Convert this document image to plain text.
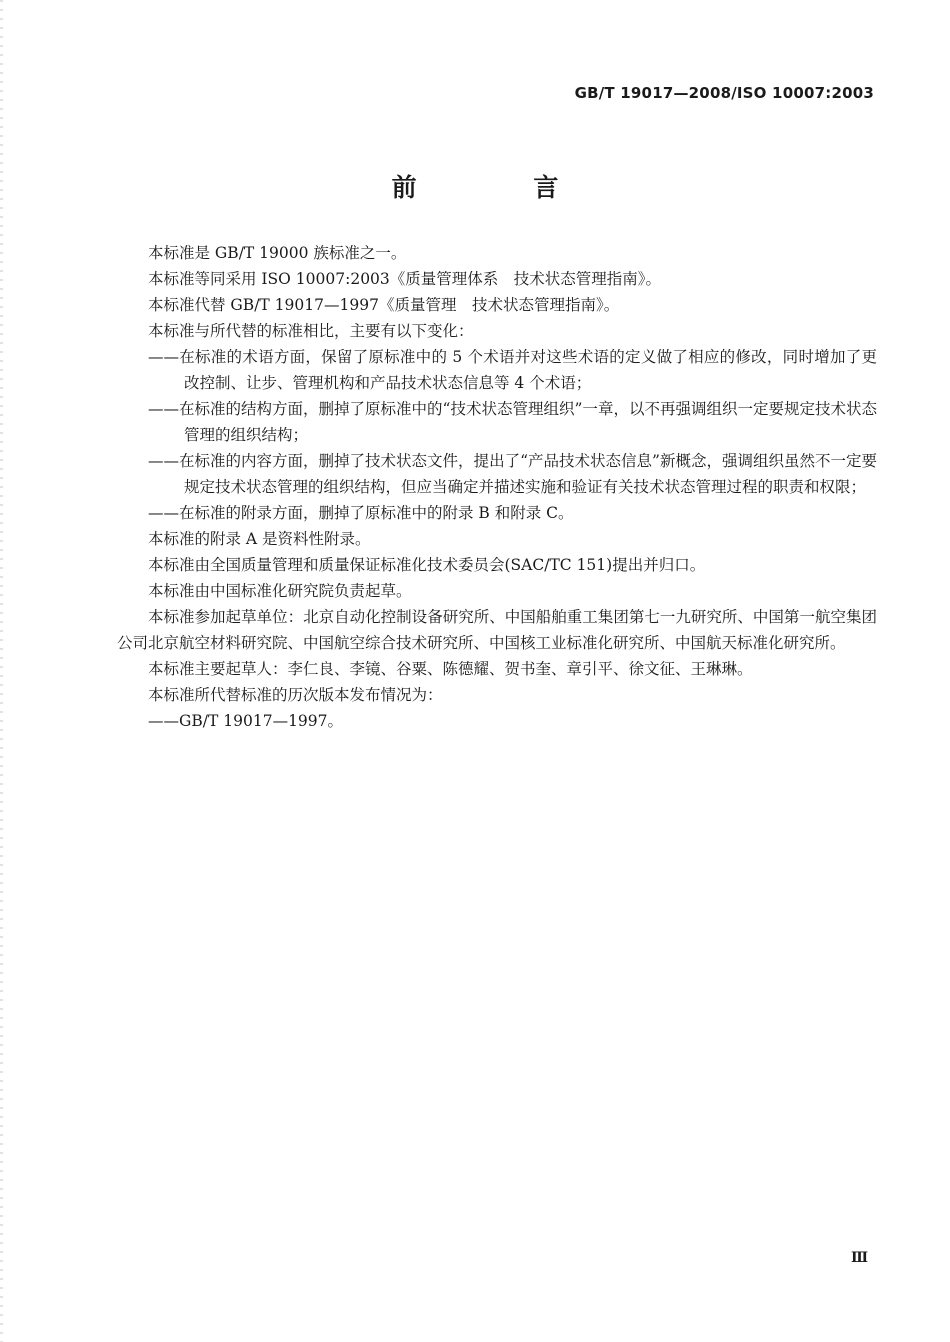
GB/T 19017—2008/ISO 10007:2003
前 言

本标准是 GB/T 19000 族标准之一。

本标准等同采用 ISO 10007:2003《质量管理体系　技术状态管理指南》。

本标准代替 GB/T 19017—1997《质量管理　技术状态管理指南》。

本标准与所代替的标准相比，主要有以下变化：

——在标准的术语方面，保留了原标准中的 5 个术语并对这些术语的定义做了相应的修改，同时增加了更改控制、让步、管理机构和产品技术状态信息等 4 个术语；

——在标准的结构方面，删掉了原标准中的“技术状态管理组织”一章，以不再强调组织一定要规定技术状态管理的组织结构；

——在标准的内容方面，删掉了技术状态文件，提出了“产品技术状态信息”新概念，强调组织虽然不一定要规定技术状态管理的组织结构，但应当确定并描述实施和验证有关技术状态管理过程的职责和权限；

——在标准的附录方面，删掉了原标准中的附录 B 和附录 C。

本标准的附录 A 是资料性附录。

本标准由全国质量管理和质量保证标准化技术委员会(SAC/TC 151)提出并归口。

本标准由中国标准化研究院负责起草。

本标准参加起草单位：北京自动化控制设备研究所、中国船舶重工集团第七一九研究所、中国第一航空集团公司北京航空材料研究院、中国航空综合技术研究所、中国核工业标准化研究所、中国航天标准化研究所。

本标准主要起草人：李仁良、李镜、谷粟、陈德耀、贺书奎、章引平、徐文征、王琳琳。

本标准所代替标准的历次版本发布情况为：

——GB/T 19017—1997。

Ⅲ
